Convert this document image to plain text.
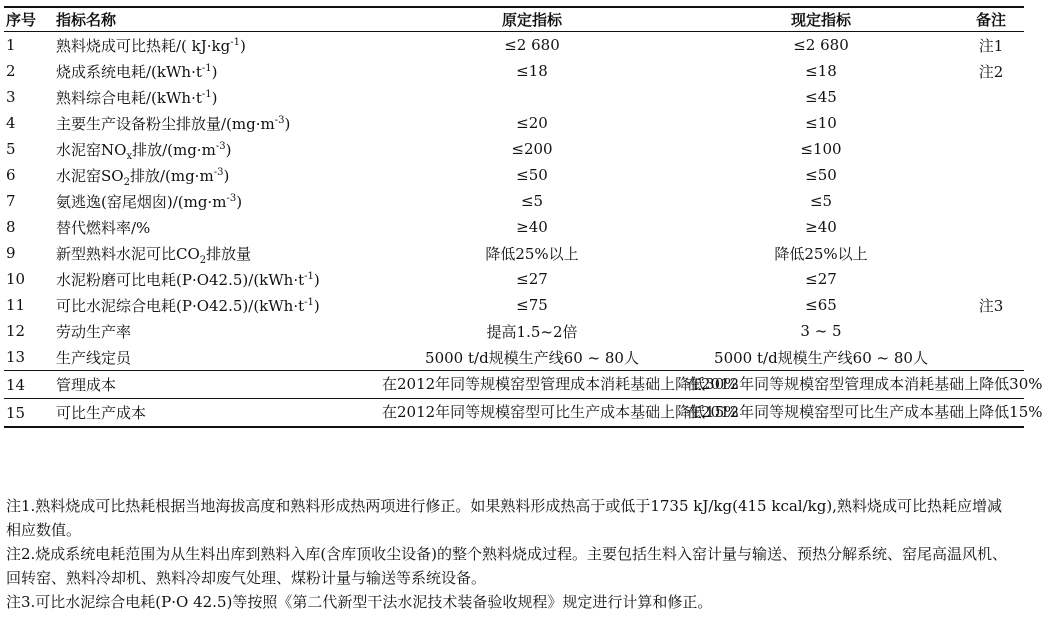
序号	指标名称	原定指标	现定指标	备注
1	熟料烧成可比热耗/( $kJ\cdot kg^{-1}$)	≤2 680	≤2 680	注1
2	烧成系统电耗$/(kWh\cdot t^{-1})$	≤18	≤18	注2
3	熟料综合电耗$/(kWh\cdot t^{-1})$		≤45	
4	主要生产设备粉尘排放量$/(mg\cdot m^{-3})$	≤20	≤10	
5	水泥窑$NO_x$排放$/(mg\cdot m^{-3})$	≤200	≤100	
6	水泥窑$SO_2$排放$/(mg\cdot m^{-3})$	≤50	≤50	
7	氨逃逸(窑尾烟囱)$/(mg\cdot m^{-3})$	≤5	≤5	
8	替代燃料率/%	≥40	≥40	
9	新型熟料水泥可比$CO_2$排放量	降低25%以上	降低25%以上	
10	水泥粉磨可比电耗$(P\cdot O42.5)/(kWh\cdot t^{-1})$	≤27	≤27	
11	可比水泥综合电耗$(P\cdot O42.5)/(kWh\cdot t^{-1})$	≤75	≤65	注3
12	劳动生产率	提高1.5~2倍	3 ~ 5	
13	生产线定员	5000 t/d规模生产线60 ~ 80人	5000 t/d规模生产线60 ~ 80人	
14	管理成本	在2012年同等规模窑型管理成本消耗基础上降低30%	在2012年同等规模窑型管理成本消耗基础上降低30%	
15	可比生产成本	在2012年同等规模窑型可比生产成本基础上降低15%	在2012年同等规模窑型可比生产成本基础上降低15%	

注1.熟料烧成可比热耗根据当地海拔高度和熟料形成热两项进行修正。如果熟料形成热高于或低于1735 kJ/kg(415 kcal/kg),熟料烧成可比热耗应增减相应数值。

注2.烧成系统电耗范围为从生料出库到熟料入库(含库顶收尘设备)的整个熟料烧成过程。主要包括生料入窑计量与输送、预热分解系统、窑尾高温风机、回转窑、熟料冷却机、熟料冷却废气处理、煤粉计量与输送等系统设备。

注3.可比水泥综合电耗(P·O 42.5)等按照《第二代新型干法水泥技术装备验收规程》规定进行计算和修正。
